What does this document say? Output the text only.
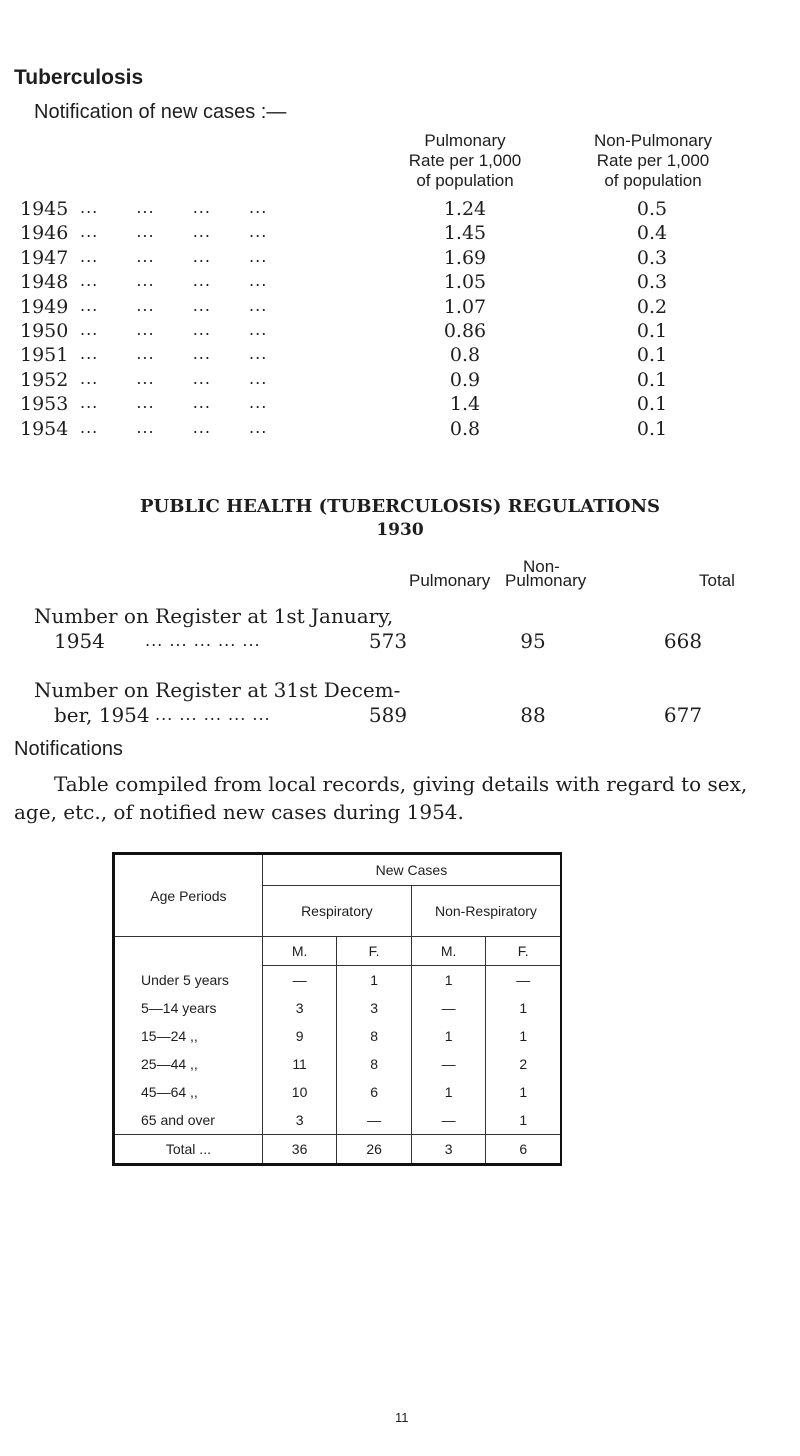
Tuberculosis
Notification of new cases :—
Pulmonary
Rate per 1,000
of population
Non-Pulmonary
Rate per 1,000
of population
1945 ... ... ... ...	1.24	0.5
1946 ... ... ... ...	1.45	0.4
1947 ... ... ... ...	1.69	0.3
1948 ... ... ... ...	1.05	0.3
1949 ... ... ... ...	1.07	0.2
1950 ... ... ... ...	0.86	0.1
1951 ... ... ... ...	0.8	0.1
1952 ... ... ... ...	0.9	0.1
1953 ... ... ... ...	1.4	0.1
1954 ... ... ... ...	0.8	0.1
PUBLIC HEALTH (TUBERCULOSIS) REGULATIONS
1930
Non-
Pulmonary Pulmonary	Total
Number on Register at 1st January,
1954	... ... ... ... ...	573	95	668
Number on Register at 31st Decem-
ber, 1954 ... ... ... ... ...	589	88	677
Notifications
Table compiled from local records, giving details with regard to sex, age, etc., of notified new cases during 1954.
Age Periods	New Cases			
	Respiratory		Non-Respiratory	
	M.	F.	M.	F.
Under 5 years	—	1	1	—
5—14 years	3	3	—	1
15—24 ,,	9	8	1	1
25—44 ,,	11	8	—	2
45—64 ,,	10	6	1	1
65 and over	3	—	—	1
Total ...	36	26	3	6
11
